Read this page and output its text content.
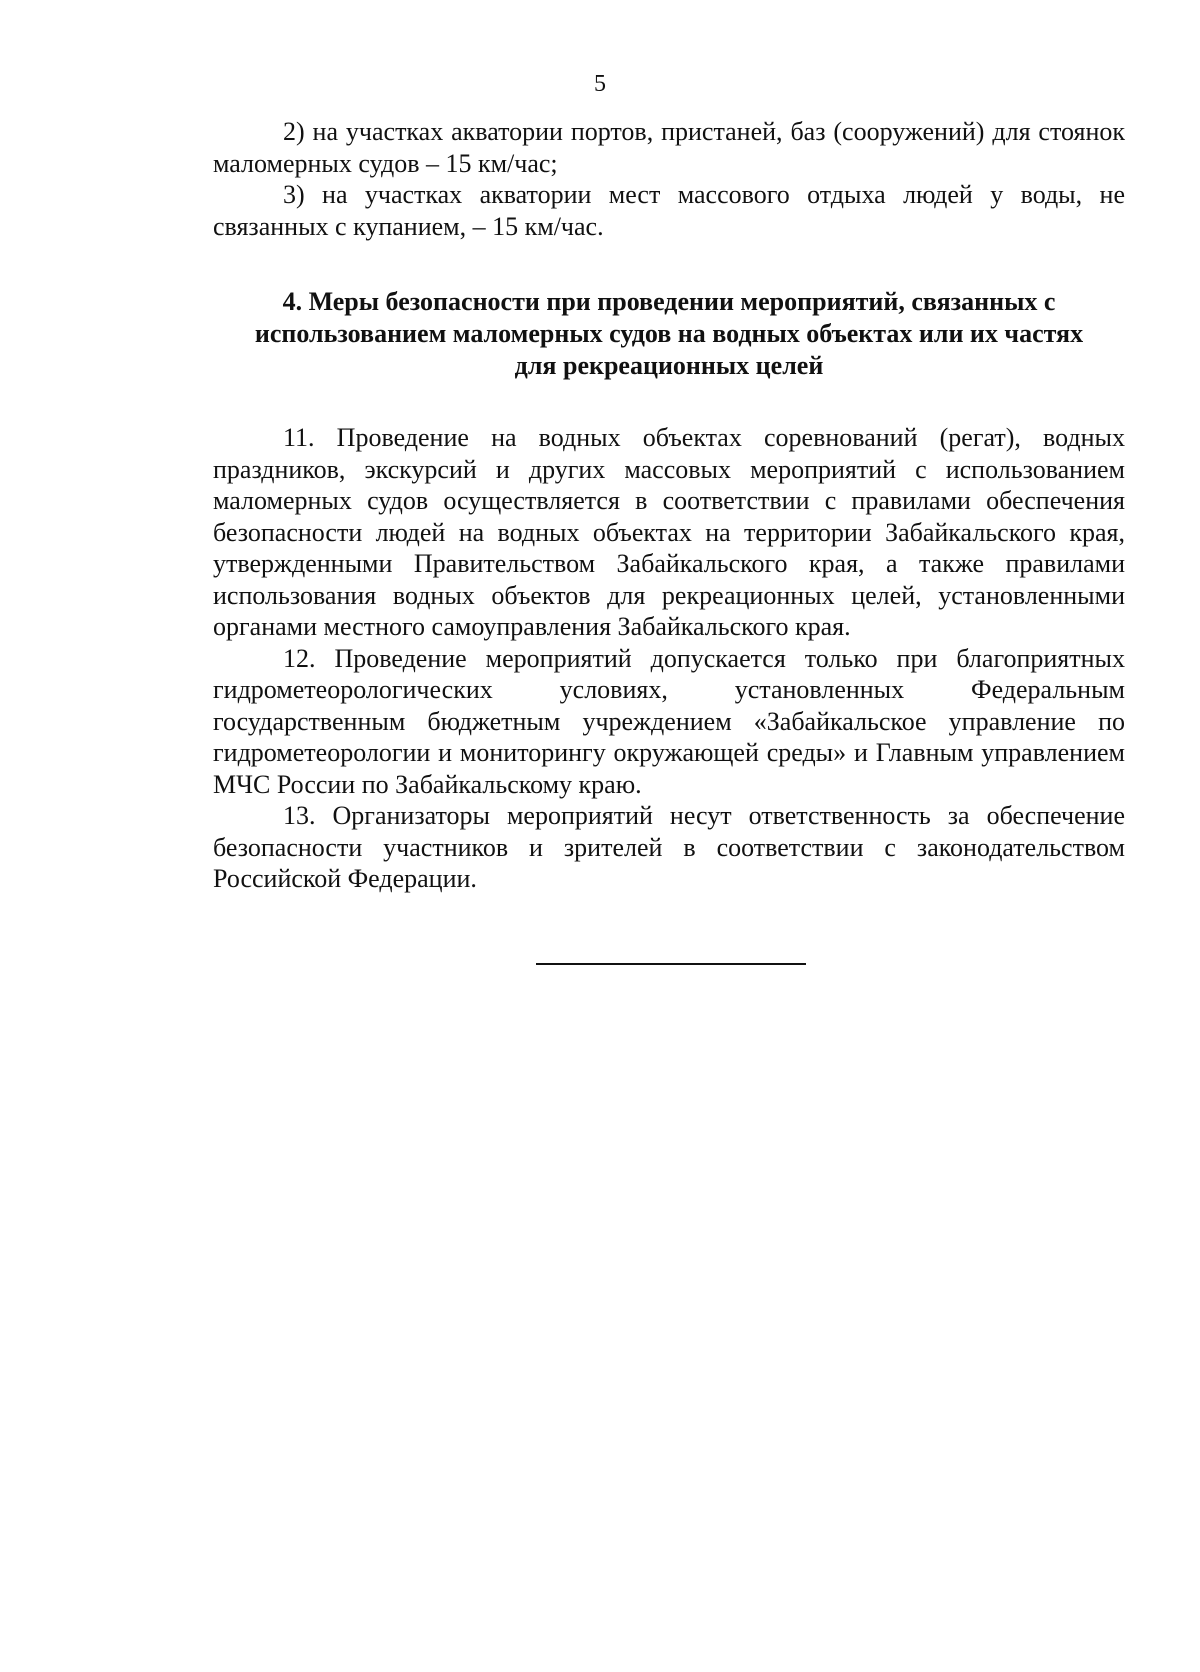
5

2) на участках акватории портов, пристаней, баз (сооружений) для стоянок маломерных судов – 15 км/час;

3) на участках акватории мест массового отдыха людей у воды, не связанных с купанием, – 15 км/час.

4. Меры безопасности при проведении мероприятий, связанных с
использованием маломерных судов на водных объектах или их частях
для рекреационных целей

11. Проведение на водных объектах соревнований (регат), водных праздников, экскурсий и других массовых мероприятий с использованием маломерных судов осуществляется в соответствии с правилами обеспечения безопасности людей на водных объектах на территории Забайкальского края, утвержденными Правительством Забайкальского края, а также правилами использования водных объектов для рекреационных целей, установленными органами местного самоуправления Забайкальского края.

12. Проведение мероприятий допускается только при благоприятных гидрометеорологических условиях, установленных Федеральным государственным бюджетным учреждением «Забайкальское управление по гидрометеорологии и мониторингу окружающей среды» и Главным управлением МЧС России по Забайкальскому краю.

13. Организаторы мероприятий несут ответственность за обеспечение безопасности участников и зрителей в соответствии с законодательством Российской Федерации.
